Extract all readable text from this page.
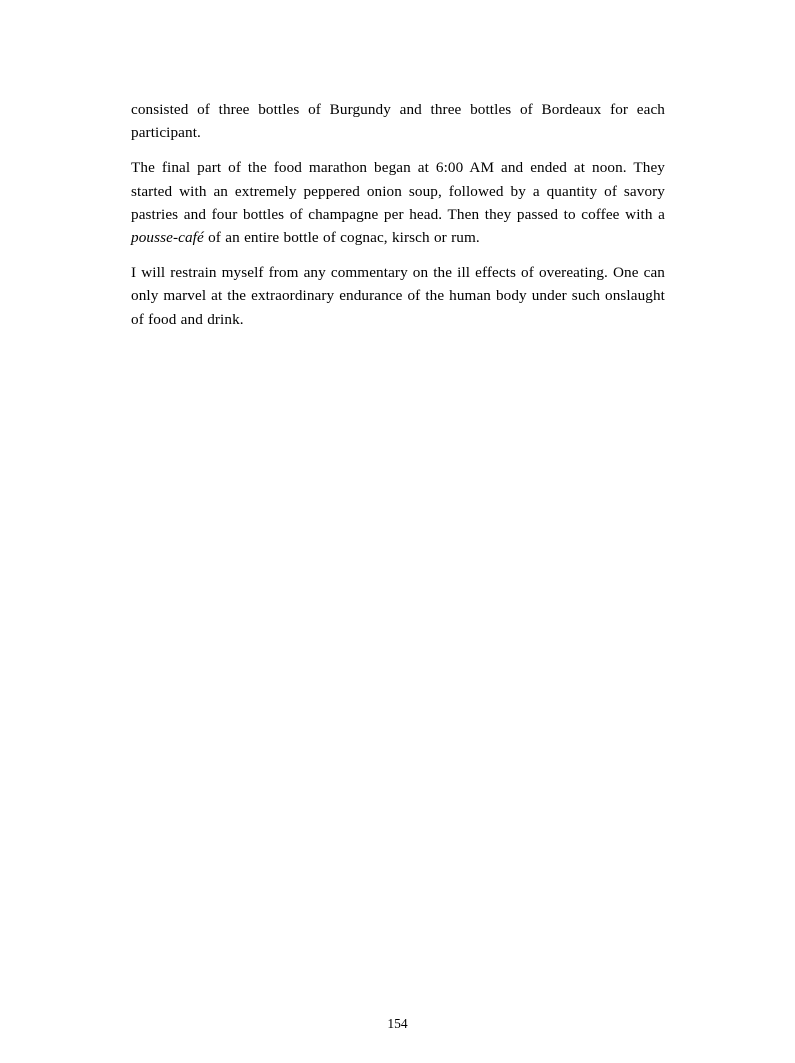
consisted of three bottles of Burgundy and three bottles of Bordeaux for each participant.

The final part of the food marathon began at 6:00 AM and ended at noon. They started with an extremely peppered onion soup, followed by a quantity of savory pastries and four bottles of champagne per head. Then they passed to coffee with a pousse-café of an entire bottle of cognac, kirsch or rum.

I will restrain myself from any commentary on the ill effects of overeating. One can only marvel at the extraordinary endurance of the human body under such onslaught of food and drink.

154
